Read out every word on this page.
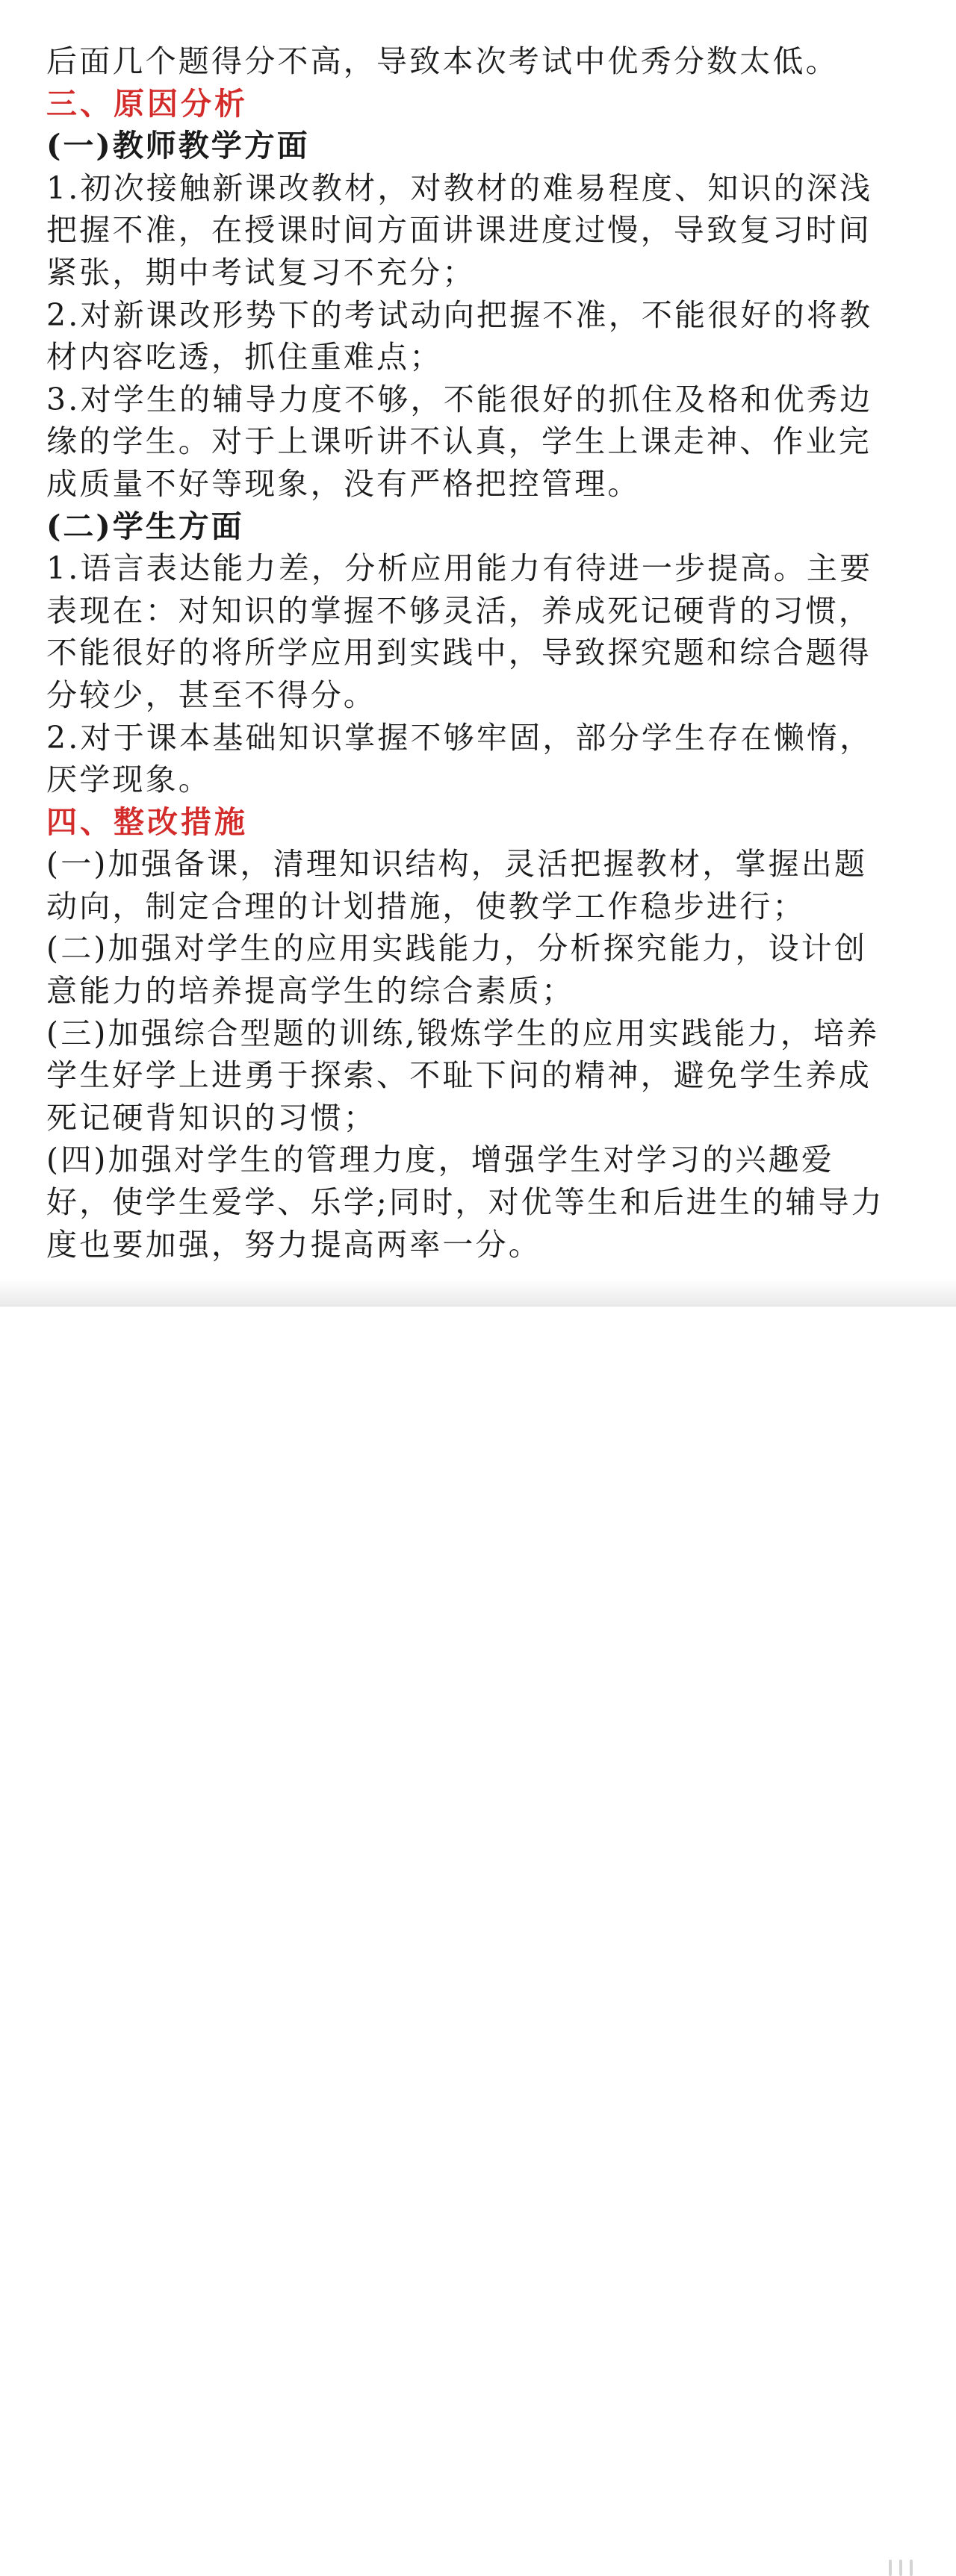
后面几个题得分不高，导致本次考试中优秀分数太低。
三、原因分析
(一)教师教学方面
1.初次接触新课改教材，对教材的难易程度、知识的深浅
把握不准，在授课时间方面讲课进度过慢，导致复习时间
紧张，期中考试复习不充分；
2.对新课改形势下的考试动向把握不准，不能很好的将教
材内容吃透，抓住重难点；
3.对学生的辅导力度不够，不能很好的抓住及格和优秀边
缘的学生。对于上课听讲不认真，学生上课走神、作业完
成质量不好等现象，没有严格把控管理。
(二)学生方面
1.语言表达能力差，分析应用能力有待进一步提高。主要
表现在：对知识的掌握不够灵活，养成死记硬背的习惯，
不能很好的将所学应用到实践中，导致探究题和综合题得
分较少，甚至不得分。
2.对于课本基础知识掌握不够牢固，部分学生存在懒惰，
厌学现象。
四、整改措施
(一)加强备课，清理知识结构，灵活把握教材，掌握出题
动向，制定合理的计划措施，使教学工作稳步进行；
(二)加强对学生的应用实践能力，分析探究能力，设计创
意能力的培养提高学生的综合素质；
(三)加强综合型题的训练,锻炼学生的应用实践能力，培养
学生好学上进勇于探索、不耻下问的精神，避免学生养成
死记硬背知识的习惯；
(四)加强对学生的管理力度，增强学生对学习的兴趣爱
好，使学生爱学、乐学;同时，对优等生和后进生的辅导力
度也要加强，努力提高两率一分。
